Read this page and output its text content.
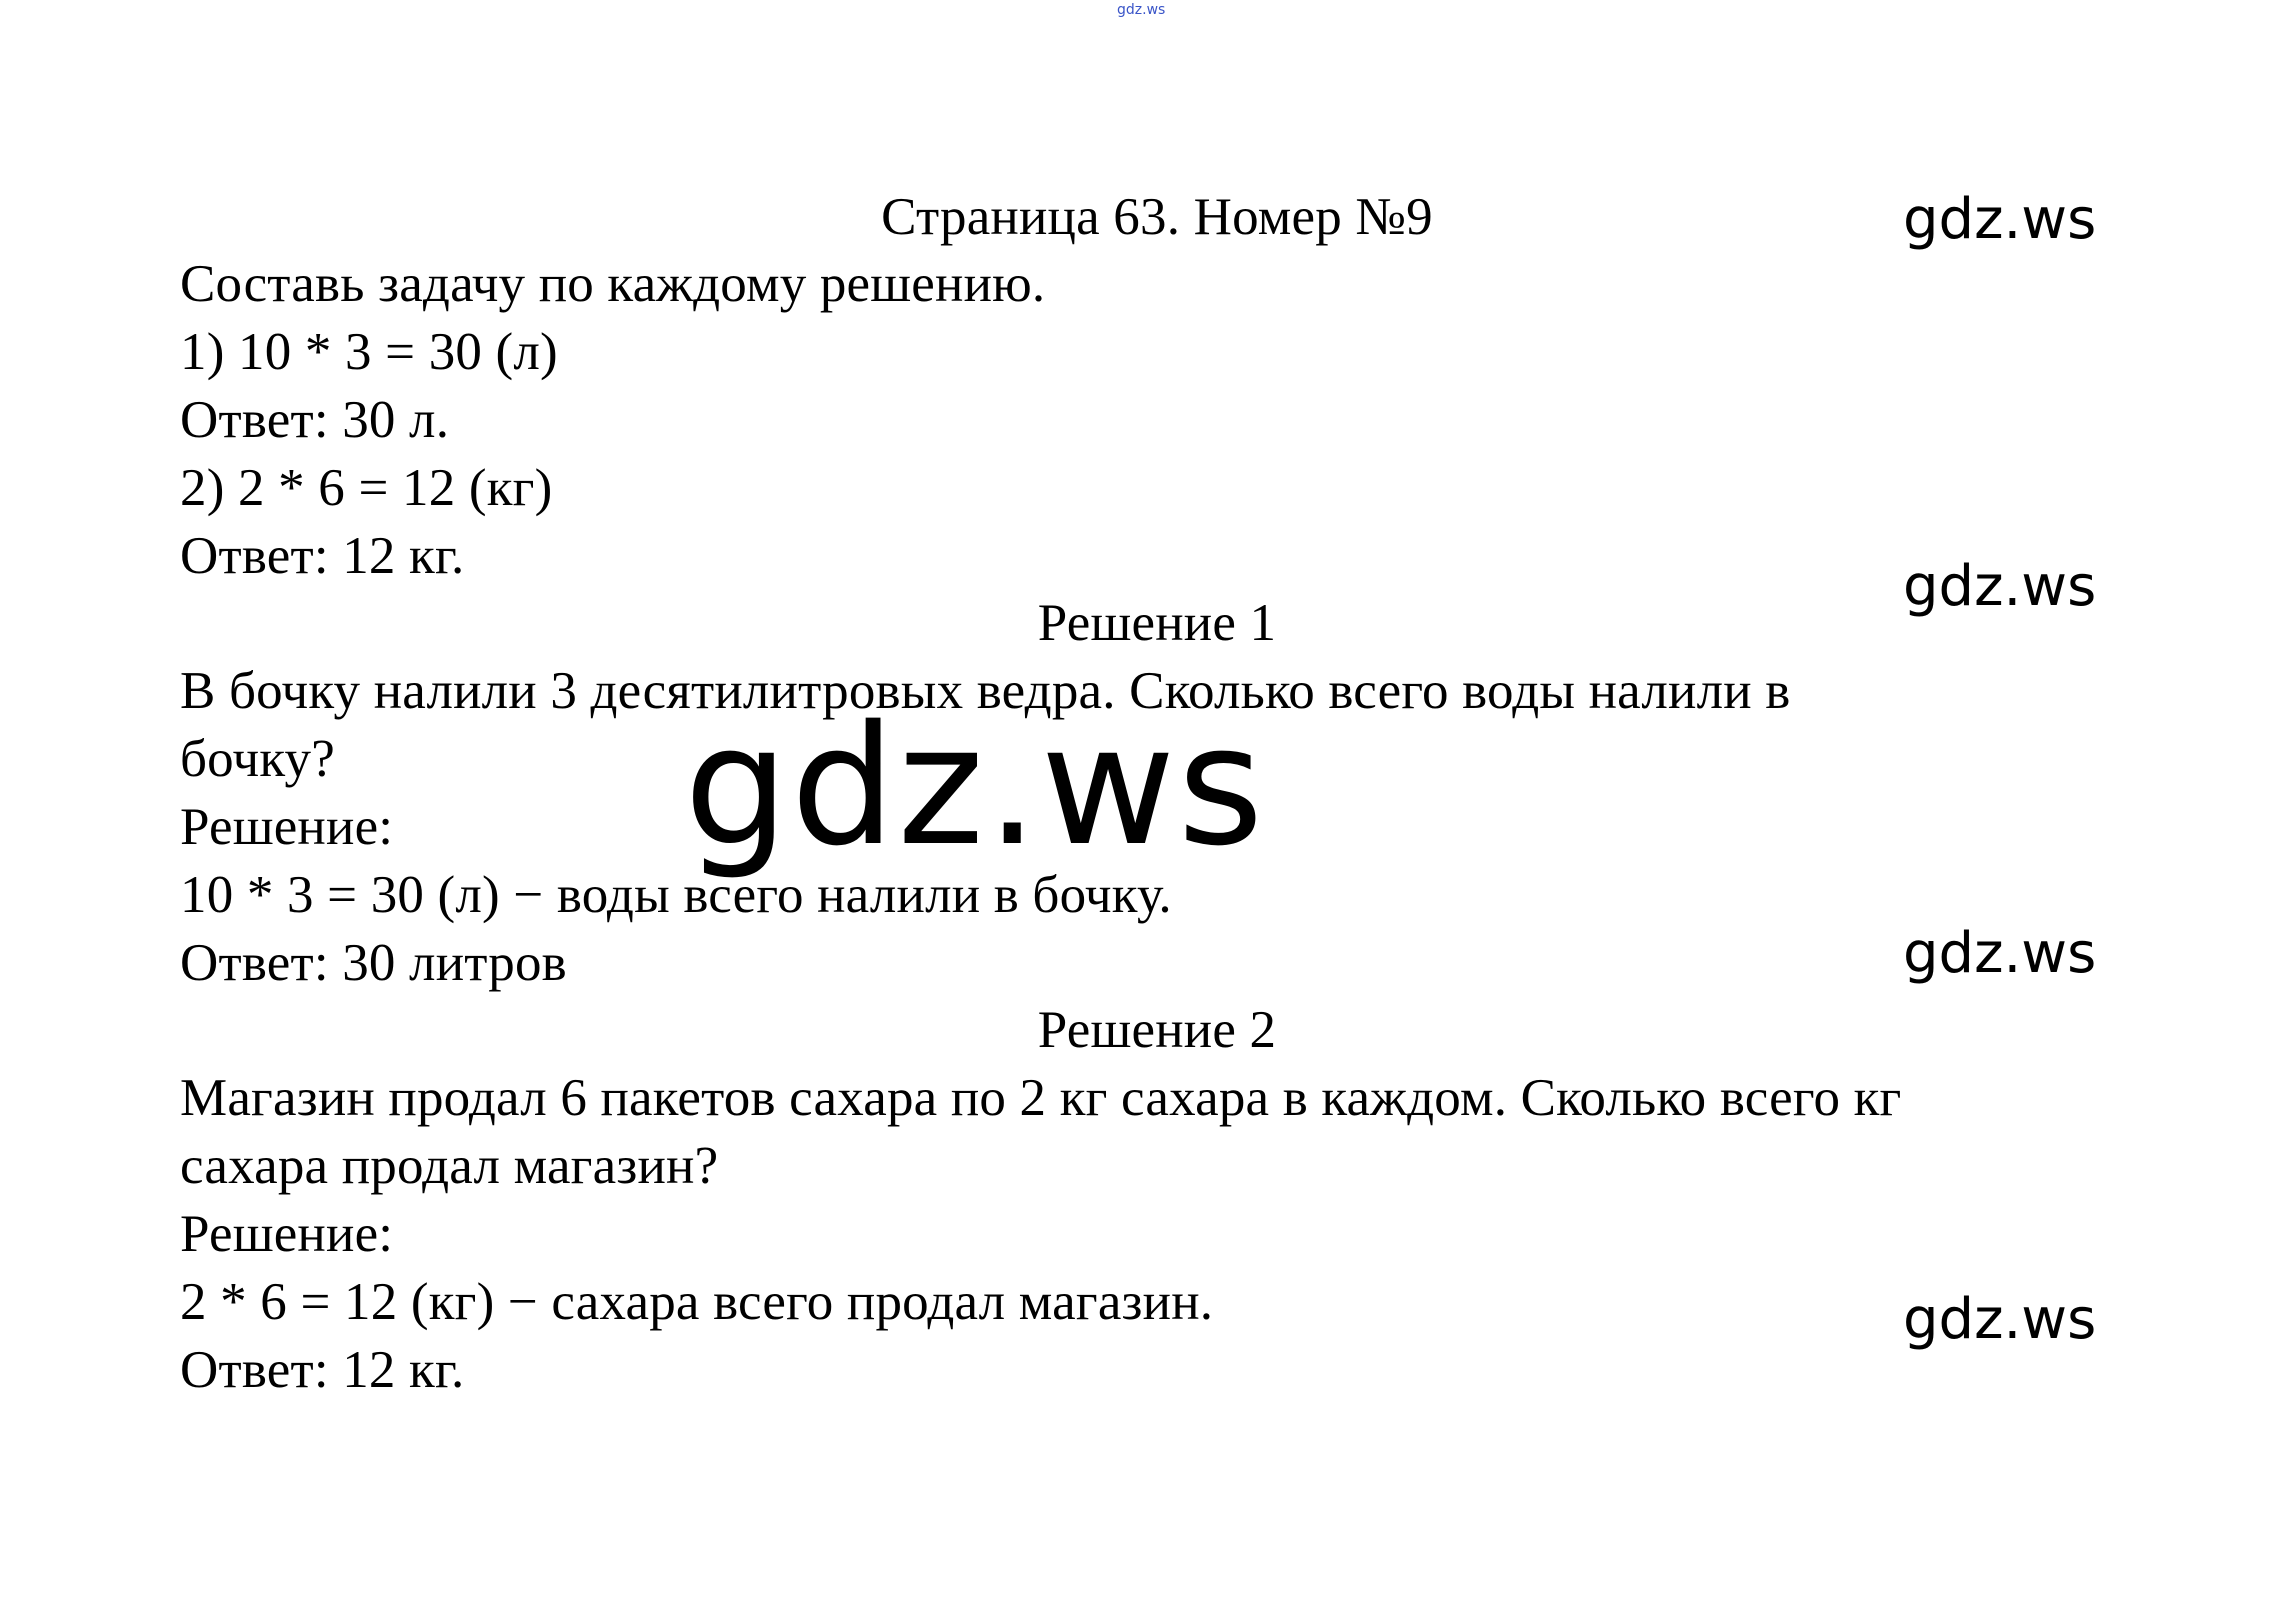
gdz.ws
Страница 63. Номер №9	gdz.ws
Составь задачу по каждому решению.
1) 10 * 3 = 30 (л)
Ответ: 30 л.
2) 2 * 6 = 12 (кг)
Ответ: 12 кг.	gdz.ws
Решение 1
В бочку налили 3 десятилитровых ведра. Сколько всего воды налили в
бочку?
Решение:
10 * 3 = 30 (л) − воды всего налили в бочку.
Ответ: 30 литров	gdz.ws
Решение 2
Магазин продал 6 пакетов сахара по 2 кг сахара в каждом. Сколько всего кг
сахара продал магазин?
Решение:
2 * 6 = 12 (кг) − сахара всего продал магазин.
Ответ: 12 кг.
gdz.ws
gdz.ws
